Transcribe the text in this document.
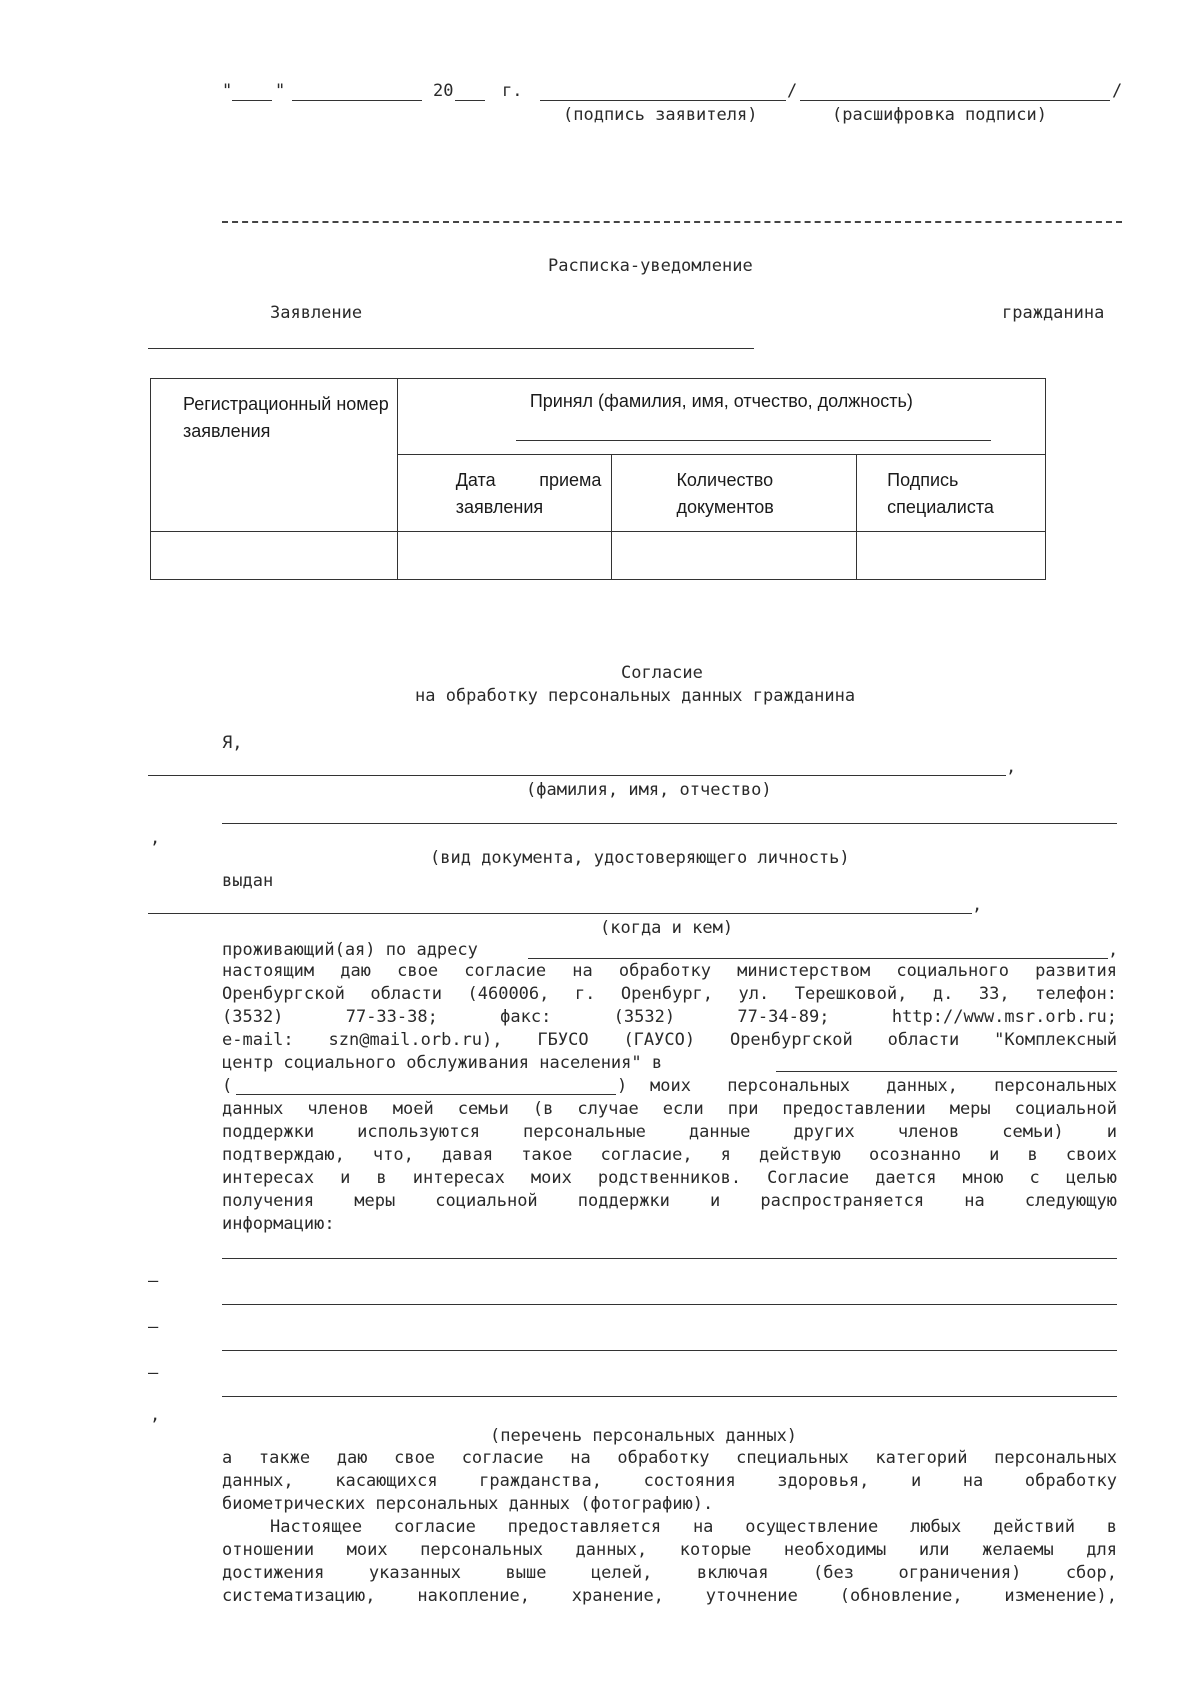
"	"	20	г.	/	/
(подпись заявителя)	(расшифровка подписи)
Расписка-уведомление
Заявление	гражданина
Регистрационный номер заявления	Принял (фамилия, имя, отчество, должность)		

	Дата приема заявления	Количество документов	Подпись специалиста

Согласие
на обработку персональных данных гражданина
Я,
,
(фамилия, имя, отчество)
,
(вид документа, удостоверяющего личность)
выдан
,
(когда и кем)
проживающий(ая) по адресу	,
настоящим даю свое согласие на обработку министерством социального развития
Оренбургской области (460006, г. Оренбург, ул. Терешковой, д. 33, телефон:
(3532) 77-33-38; факс: (3532) 77-34-89; http://www.msr.orb.ru;
e-mail: szn@mail.orb.ru), ГБУСО (ГАУСО) Оренбургской области "Комплексный
центр социального обслуживания населения" в
(	) моих персональных данных, персональных
данных членов моей семьи (в случае если при предоставлении меры социальной
поддержки используются персональные данные других членов семьи) и
подтверждаю, что, давая такое согласие, я действую осознанно и в своих
интересах и в интересах моих родственников. Согласие дается мною с целью
получения меры социальной поддержки и распространяется на следующую
информацию:
–
–
–
,
(перечень персональных данных)
а также даю свое согласие на обработку специальных категорий персональных
данных, касающихся гражданства, состояния здоровья, и на обработку
биометрических персональных данных (фотографию).
Настоящее согласие предоставляется на осуществление любых действий в
отношении моих персональных данных, которые необходимы или желаемы для
достижения указанных выше целей, включая (без ограничения) сбор,
систематизацию, накопление, хранение, уточнение (обновление, изменение),
